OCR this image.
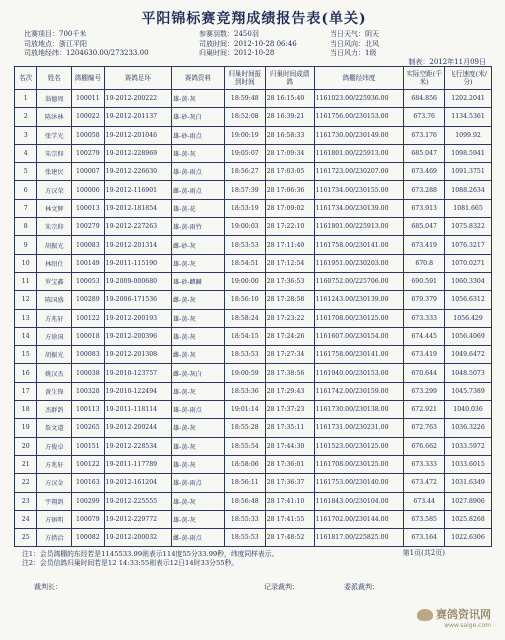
平阳锦标赛竞翔成绩报告表(单关)
比赛项目：700千米
司放地点：浙江平阳
司放地经纬：1204630.00/273233.00
参赛羽数：2450羽
司放时间：2012-10-28 06:46
归巢时间：2012-10-28
当日天气：阴天
当日风向：北风
当日风力：1级
制表：2012年11月09日
名次	姓名	鸽棚编号	赛鸽足环	赛鸽资料	归巢时间报到时间	归巢时间成绩鸽	鸽棚经纬度	实际空距(千米)	飞行速度(米/分)
1	翁德周	100011	19-2012-200222	雄-黄-灰	18:59:48	28 16:15:40	1161023.00/225936.00	684.856	1202.2041
2	陈沐林	100022	19-2012-201137	雄-砂-灰白	18:52:08	28 16:39:21	1161756.00/230153.00	673.76	1134.5361
3	张学光	100058	19-2012-201046	雄-砂-雨点	19:00:19	28 16:58:33	1161730.00/230149.00	673.176	1099.92
4	朱宗仰	100279	19-2012-228969	雄-黄-灰	19:05:07	28 17:09:34	1161801.00/225913.00	685.047	1098.5941
5	张建民	100007	19-2012-226630	雄-黄-雨点	18:56:27	28 17:03:05	1161723.00/230207.00	673.469	1091.3751
6	方汉荣	100006	19-2012-116901	雌-黄-雨点	18:57:39	28 17:06:36	1161734.00/230155.00	673.288	1088.2634
7	林文辉	100013	19-2012-181854	雄-黄-花	18:53:19	28 17:09:02	1161734.00/230139.00	673.913	1081.665
8	朱宗仰	100279	19-2012-227263	雄-黄-雨竹	19:00:03	28 17:22:10	1161801.00/225913.00	685.047	1075.8322
9	胡振光	100083	19-2012-201314	雌-砂-灰	18:53:53	28 17:11:40	1161758.00/230141.00	673.419	1076.3217
10	林绍仕	100149	19-2011-115190	雄-黄-灰	18:54:51	28 17:12:54	1161951.00/230203.00	670.8	1070.0271
11	罗宝鑫	100053	19-2009-000680	雄-砂-麒麟	19:00:00	28 17:36:53	1160752.00/225706.00	690.591	1060.3304
12	陈国盛	100289	19-2006-171536	雌-黄-灰	18:56:10	28 17:28:58	1161243.00/230139.00	679.379	1056.6312
13	方兆轩	100122	19-2012-200193	雄-黄-灰	18:58:24	28 17:23:22	1161708.00/230125.00	673.333	1056.429
14	方徐国	100018	19-2012-200396	雄-黄-灰	18:54:15	28 17:24:26	1161607.00/230154.00	674.445	1056.4069
15	胡振光	100083	19-2012-201308	雌-黄-灰	18:53:53	28 17:27:34	1161758.00/230141.00	673.419	1049.6472
16	姚汉杰	100038	19-2010-123757	雌-黄-灰白	19:00:59	28 17:38:56	1161940.00/230153.00	670.644	1048.5073
17	黄生锋	100328	19-2010-122494	雄-黄-灰	18:53:36	28 17:29:43	1161742.00/230159.00	673.299	1045.7389
18	杰群鸽	100113	19-2011-118114	雄-黄-雨点	19:01:14	28 17:37:23	1161730.00/230138.00	672.921	1040.036
19	詹文道	100265	19-2012-200244	雄-黄-灰	18:55:28	28 17:35:11	1161731.00/230231.00	672.763	1036.3226
20	方俊卓	100151	19-2012-228534	雄-黄-灰	18:55:54	28 17:44:30	1161523.00/230125.00	676.662	1033.5972
21	方兆轩	100122	19-2011-117789	雄-黄-灰	18:58:06	28 17:36:01	1161708.00/230125.00	673.333	1033.6015
22	方汉金	100163	19-2012-161204	雄-黄-雨点	18:56:11	28 17:36:37	1161753.00/230140.00	673.472	1031.6349
23	宇翔鸽	100299	19-2012-225555	雄-黄-灰	18:56:48	28 17:41:10	1161843.00/230104.00	673.44	1027.8906
24	方镇明	100079	19-2012-229772	雄-黄-灰	18:55:33	28 17:41:55	1161702.00/230144.00	673.585	1025.8268
25	方措洽	100082	19-2012-200032	雌-黄-雨点	18:55:53	28 17:48:52	1161817.00/225825.00	673.164	1022.6306
注1：会员鸽棚的东经若是1145533.99则表示114度55分33.99秒，纬度同样表示。
注2：会员信鸽归巢时间若是12 14:33:55则表示12日14时33分55秒。
裁判长：	记录裁判：	委派裁判：
第1页(共2页)
赛鸽资讯网
www.saige.com
